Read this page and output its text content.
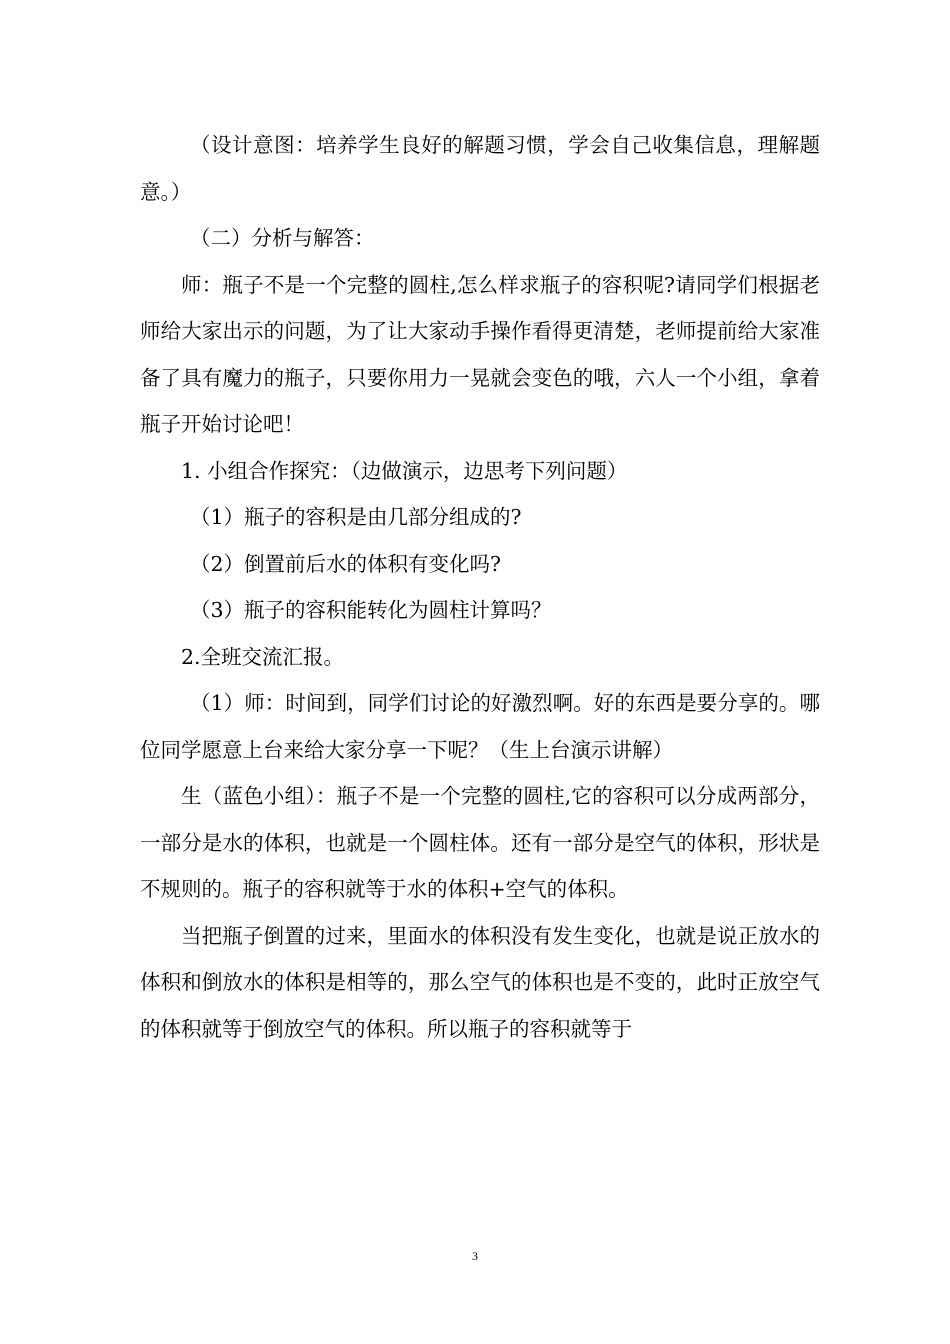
（设计意图：培养学生良好的解题习惯，学会自己收集信息，理解题意。）

（二）分析与解答：

师：瓶子不是一个完整的圆柱,怎么样求瓶子的容积呢?请同学们根据老师给大家出示的问题，为了让大家动手操作看得更清楚，老师提前给大家准备了具有魔力的瓶子，只要你用力一晃就会变色的哦，六人一个小组，拿着瓶子开始讨论吧！

1. 小组合作探究：（边做演示，边思考下列问题）

（1）瓶子的容积是由几部分组成的?

（2）倒置前后水的体积有变化吗?

（3）瓶子的容积能转化为圆柱计算吗？

2.全班交流汇报。

（1）师：时间到，同学们讨论的好激烈啊。好的东西是要分享的。哪位同学愿意上台来给大家分享一下呢？（生上台演示讲解）

生（蓝色小组）：瓶子不是一个完整的圆柱,它的容积可以分成两部分，一部分是水的体积，也就是一个圆柱体。还有一部分是空气的体积，形状是不规则的。瓶子的容积就等于水的体积+空气的体积。

当把瓶子倒置的过来，里面水的体积没有发生变化，也就是说正放水的体积和倒放水的体积是相等的，那么空气的体积也是不变的，此时正放空气的体积就等于倒放空气的体积。所以瓶子的容积就等于

3
